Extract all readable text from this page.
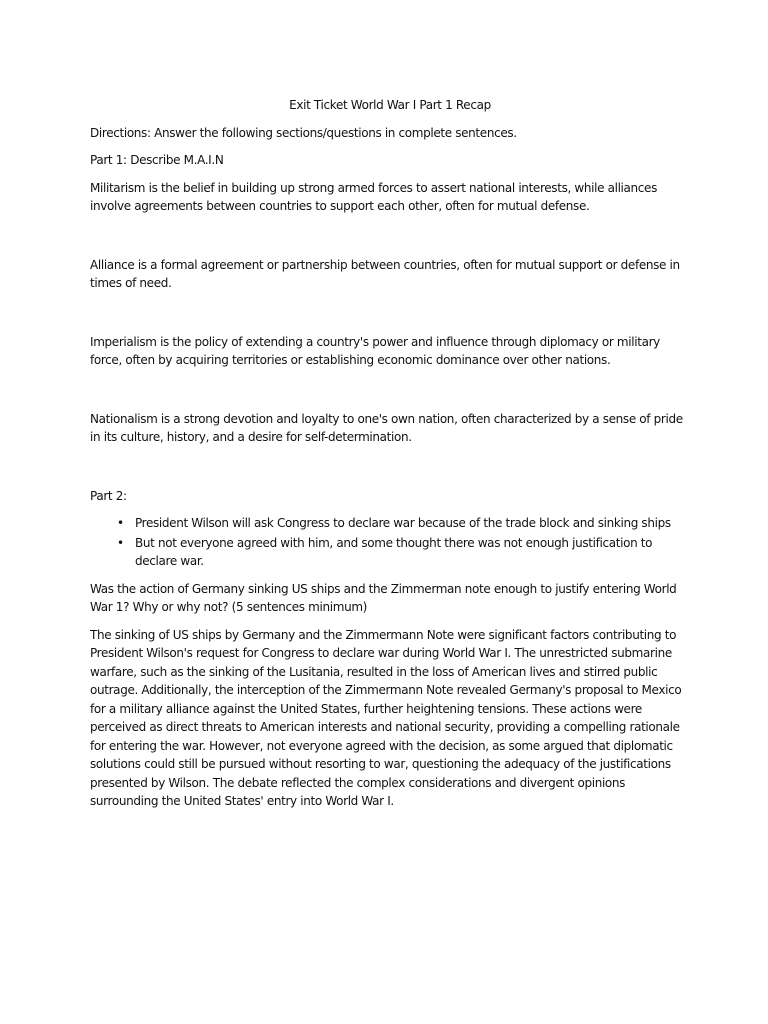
Exit Ticket World War I Part 1 Recap

Directions: Answer the following sections/questions in complete sentences.

Part 1: Describe M.A.I.N

Militarism is the belief in building up strong armed forces to assert national interests, while alliances involve agreements between countries to support each other, often for mutual defense.

Alliance is a formal agreement or partnership between countries, often for mutual support or defense in times of need.

Imperialism is the policy of extending a country's power and influence through diplomacy or military force, often by acquiring territories or establishing economic dominance over other nations.

Nationalism is a strong devotion and loyalty to one's own nation, often characterized by a sense of pride in its culture, history, and a desire for self-determination.

Part 2:

• President Wilson will ask Congress to declare war because of the trade block and sinking ships
• But not everyone agreed with him, and some thought there was not enough justification to declare war.

Was the action of Germany sinking US ships and the Zimmerman note enough to justify entering World War 1? Why or why not? (5 sentences minimum)

The sinking of US ships by Germany and the Zimmermann Note were significant factors contributing to President Wilson's request for Congress to declare war during World War I. The unrestricted submarine warfare, such as the sinking of the Lusitania, resulted in the loss of American lives and stirred public outrage. Additionally, the interception of the Zimmermann Note revealed Germany's proposal to Mexico for a military alliance against the United States, further heightening tensions. These actions were perceived as direct threats to American interests and national security, providing a compelling rationale for entering the war. However, not everyone agreed with the decision, as some argued that diplomatic solutions could still be pursued without resorting to war, questioning the adequacy of the justifications presented by Wilson. The debate reflected the complex considerations and divergent opinions surrounding the United States' entry into World War I.
